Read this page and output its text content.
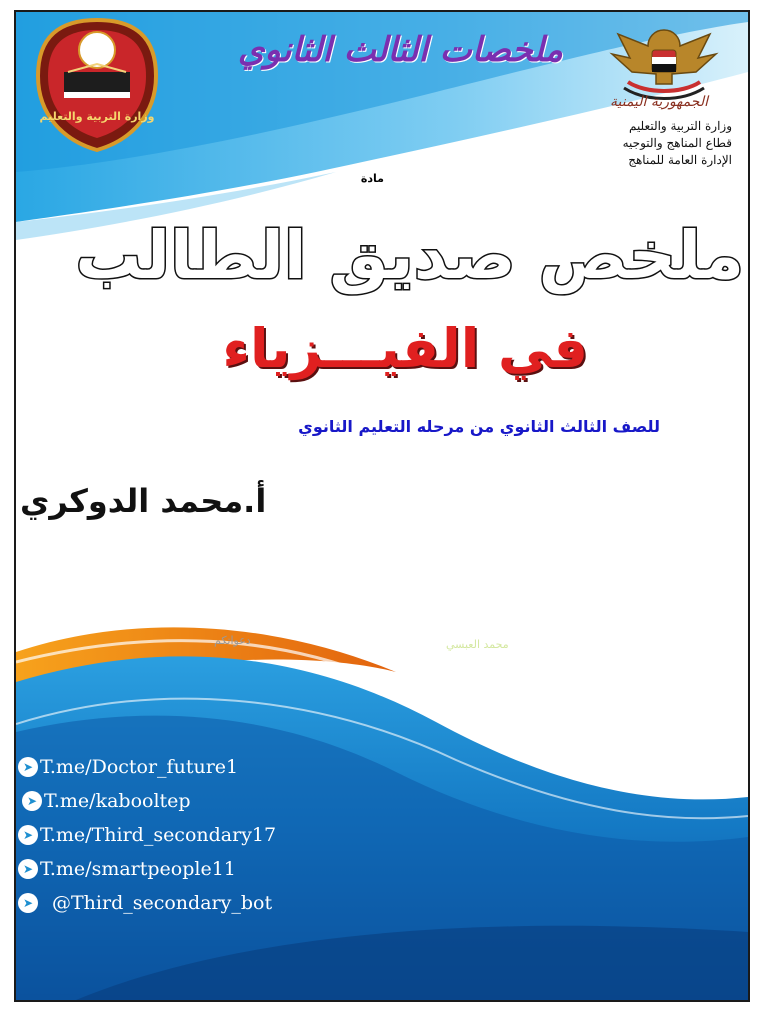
وزارة التربية والتعليم
الجمهورية اليمنية
ملخصات الثالث الثانوي
وزارة التربية والتعليم
قطاع المناهج والتوجيه
الإدارة العامة للمناهج
مادة
ملخص صديق الطالب
في الفيـــزياء
للصف الثالث الثانوي من مرحله التعليم الثانوي
أ.محمد الدوكري
دعواتكم	محمد العبسي
➤ T.me/Doctor_future1
➤ T.me/kabooltep
➤ T.me/Third_secondary17
➤ T.me/smartpeople11
➤ @Third_secondary_bot
